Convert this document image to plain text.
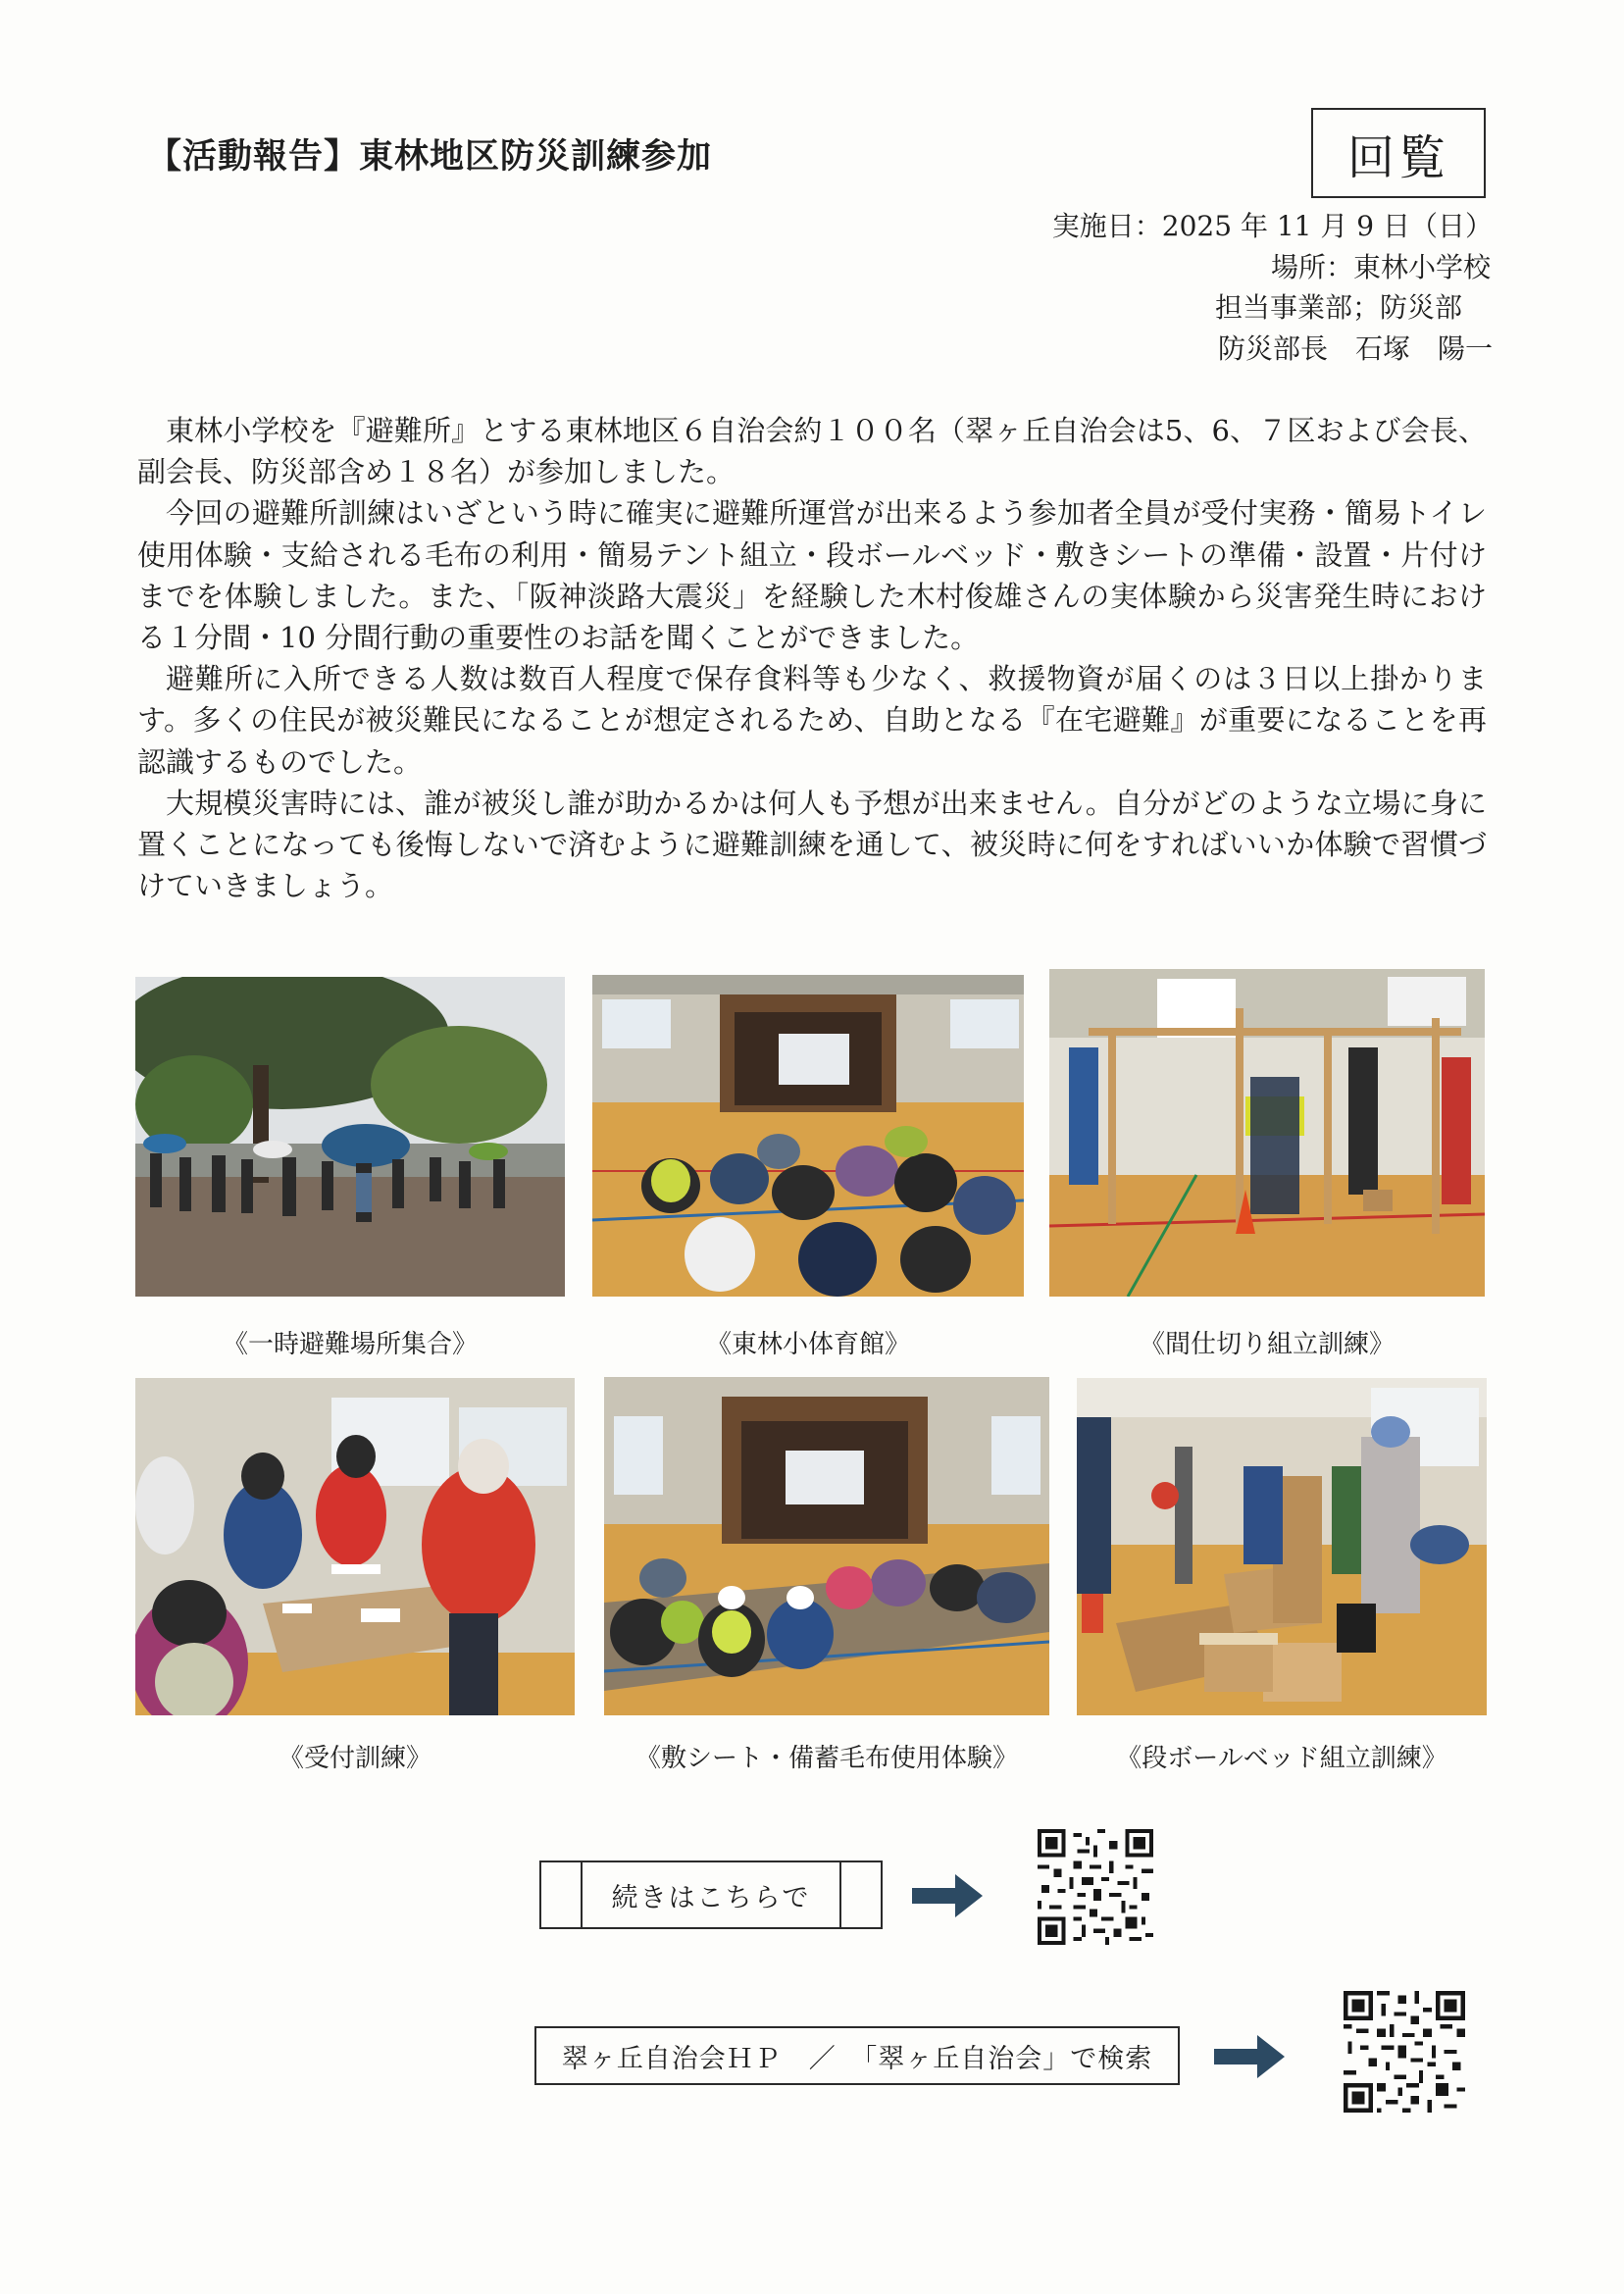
【活動報告】東林地区防災訓練参加	回覧
実施日：2025 年 11 月 9 日（日）
場所：東林小学校
担当事業部；防災部
防災部長　石塚　陽一

東林小学校を『避難所』とする東林地区６自治会約１００名（翠ヶ丘自治会は5、6、７区および会長、副会長、防災部含め１８名）が参加しました。

今回の避難所訓練はいざという時に確実に避難所運営が出来るよう参加者全員が受付実務・簡易トイレ使用体験・支給される毛布の利用・簡易テント組立・段ボールベッド・敷きシートの準備・設置・片付けまでを体験しました。また、「阪神淡路大震災」を経験した木村俊雄さんの実体験から災害発生時における１分間・10 分間行動の重要性のお話を聞くことができました。

避難所に入所できる人数は数百人程度で保存食料等も少なく、救援物資が届くのは３日以上掛かります。多くの住民が被災難民になることが想定されるため、自助となる『在宅避難』が重要になることを再認識するものでした。

大規模災害時には、誰が被災し誰が助かるかは何人も予想が出来ません。自分がどのような立場に身に置くことになっても後悔しないで済むように避難訓練を通して、被災時に何をすればいいか体験で習慣づけていきましょう。

《一時避難場所集合》	《東林小体育館》	《間仕切り組立訓練》
《受付訓練》	《敷シート・備蓄毛布使用体験》	《段ボールベッド組立訓練》
続きはこちらで
翠ヶ丘自治会ＨＰ　／　「翠ヶ丘自治会」で検索
